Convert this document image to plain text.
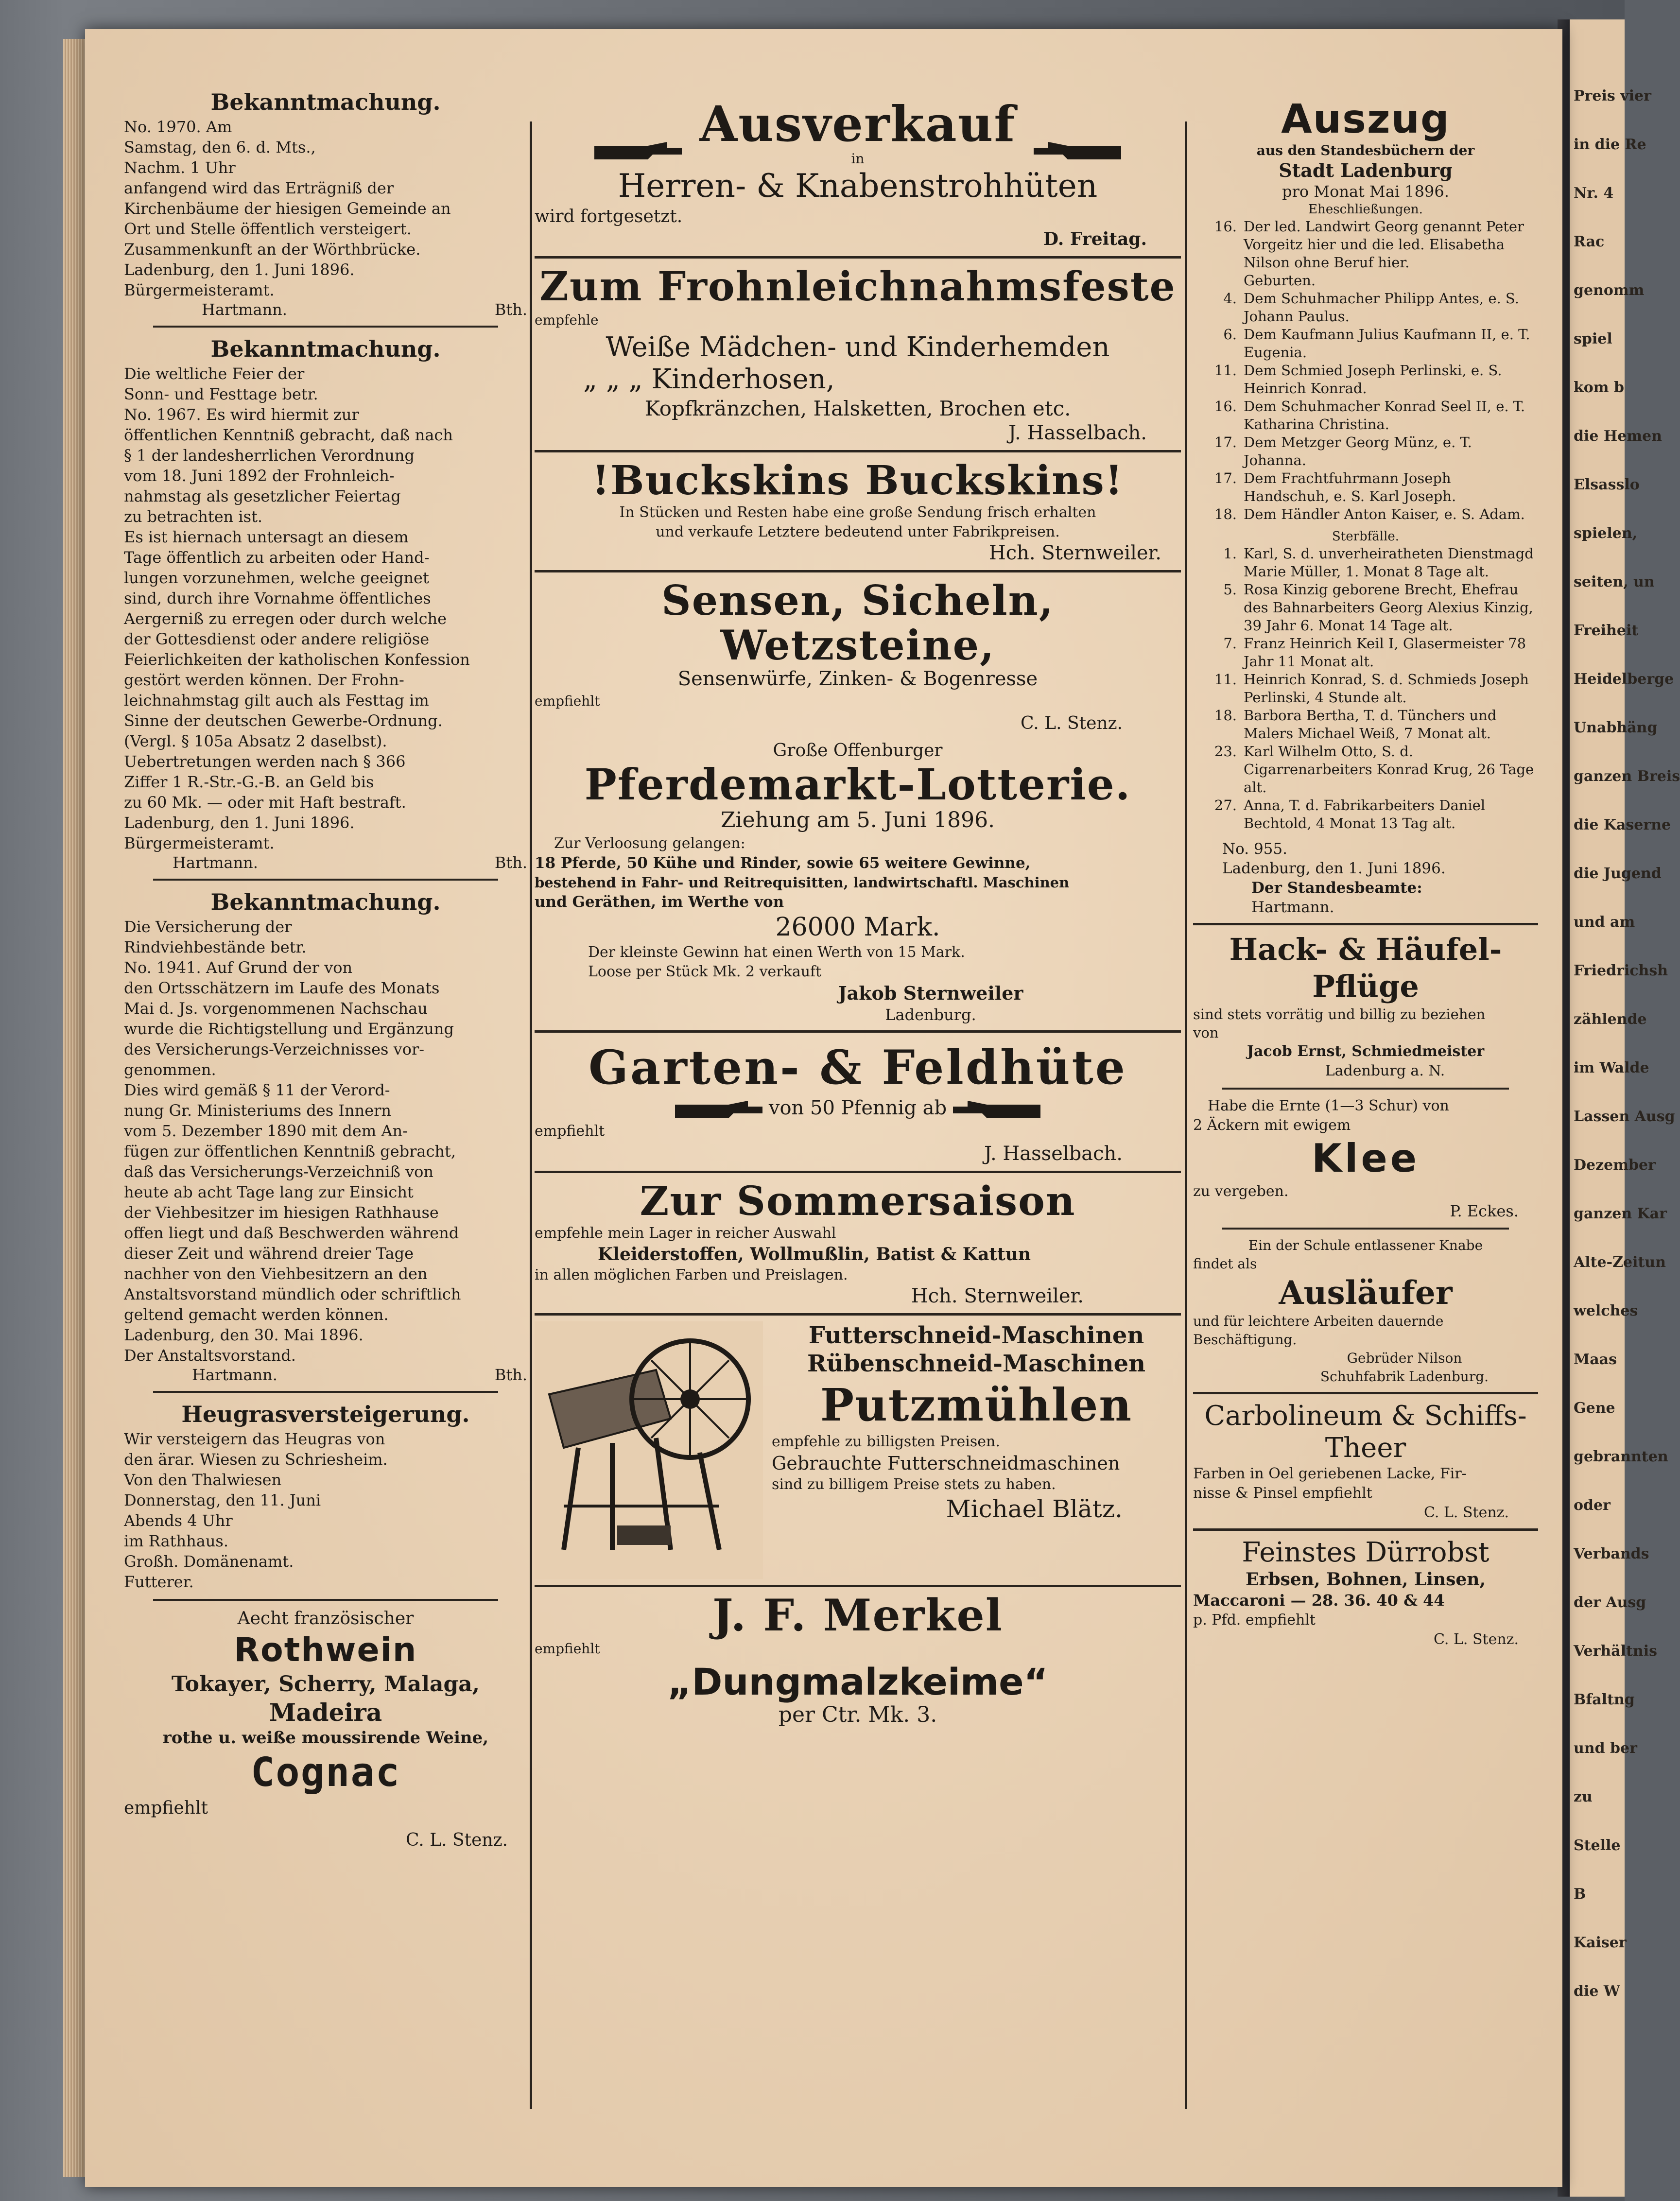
Preis vier
in die Re
Nr. 4
Rac
genomm
spiel
kom b
die Hemen
Elsasslo
spielen,
seiten, un
Freiheit
Heidelberge
Unabhäng
ganzen Breis
die Kaserne
die Jugend
und am
Friedrichsh
zählende
im Walde
Lassen Ausg
Dezember
ganzen Kar
Alte-Zeitun
welches
Maas
Gene
gebrannten
oder
Verbands
der Ausg
Verhältnis
Bfaltng
und ber
zu
Stelle
B
Kaiser
die W
Bekanntmachung.
No. 1970. Am
Samstag, den 6. d. Mts.,
Nachm. 1 Uhr
anfangend wird das Erträgniß der
Kirchenbäume der hiesigen Gemeinde an
Ort und Stelle öffentlich versteigert.
Zusammenkunft an der Wörthbrücke.
Ladenburg, den 1. Juni 1896.
Bürgermeisteramt.
Hartmann.	Bth.
Bekanntmachung.
Die weltliche Feier der
Sonn- und Festtage betr.
No. 1967. Es wird hiermit zur
öffentlichen Kenntniß gebracht, daß nach
§ 1 der landesherrlichen Verordnung
vom 18. Juni 1892 der Frohnleich-
nahmstag als gesetzlicher Feiertag
zu betrachten ist.
Es ist hiernach untersagt an diesem
Tage öffentlich zu arbeiten oder Hand-
lungen vorzunehmen, welche geeignet
sind, durch ihre Vornahme öffentliches
Aergerniß zu erregen oder durch welche
der Gottesdienst oder andere religiöse
Feierlichkeiten der katholischen Konfession
gestört werden können. Der Frohn-
leichnahmstag gilt auch als Festtag im
Sinne der deutschen Gewerbe-Ordnung.
(Vergl. § 105a Absatz 2 daselbst).
Uebertretungen werden nach § 366
Ziffer 1 R.-Str.-G.-B. an Geld bis
zu 60 Mk. — oder mit Haft bestraft.
Ladenburg, den 1. Juni 1896.
Bürgermeisteramt.
Hartmann.	Bth.
Bekanntmachung.
Die Versicherung der
Rindviehbestände betr.
No. 1941. Auf Grund der von
den Ortsschätzern im Laufe des Monats
Mai d. Js. vorgenommenen Nachschau
wurde die Richtigstellung und Ergänzung
des Versicherungs-Verzeichnisses vor-
genommen.
Dies wird gemäß § 11 der Verord-
nung Gr. Ministeriums des Innern
vom 5. Dezember 1890 mit dem An-
fügen zur öffentlichen Kenntniß gebracht,
daß das Versicherungs-Verzeichniß von
heute ab acht Tage lang zur Einsicht
der Viehbesitzer im hiesigen Rathhause
offen liegt und daß Beschwerden während
dieser Zeit und während dreier Tage
nachher von den Viehbesitzern an den
Anstaltsvorstand mündlich oder schriftlich
geltend gemacht werden können.
Ladenburg, den 30. Mai 1896.
Der Anstaltsvorstand.
Hartmann.	Bth.
Heugrasversteigerung.
Wir versteigern das Heugras von
den ärar. Wiesen zu Schriesheim.
Von den Thalwiesen
Donnerstag, den 11. Juni
Abends 4 Uhr
im Rathhaus.
Großh. Domänenamt.
Futterer.
Aecht französischer
Rothwein
Tokayer, Scherry, Malaga,
Madeira
rothe u. weiße moussirende Weine,
Cognac
empfiehlt
C. L. Stenz.
Ausverkauf
in
Herren- & Knabenstrohhüten
wird fortgesetzt.
D. Freitag.
Zum Frohnleichnahmsfeste
empfehle
Weiße Mädchen- und Kinderhemden
„ „ „ Kinderhosen,
Kopfkränzchen, Halsketten, Brochen etc.
J. Hasselbach.
!Buckskins Buckskins!
In Stücken und Resten habe eine große Sendung frisch erhalten
und verkaufe Letztere bedeutend unter Fabrikpreisen.
Hch. Sternweiler.
Sensen, Sicheln, Wetzsteine,
Sensenwürfe, Zinken- & Bogenresse
empfiehlt
C. L. Stenz.
Große Offenburger
Pferdemarkt-Lotterie.
Ziehung am 5. Juni 1896.
Zur Verloosung gelangen:
18 Pferde, 50 Kühe und Rinder, sowie 65 weitere Gewinne,
bestehend in Fahr- und Reitrequisitten, landwirtschaftl. Maschinen
und Geräthen, im Werthe von
26000 Mark.
Der kleinste Gewinn hat einen Werth von 15 Mark.
Loose per Stück Mk. 2 verkauft
Jakob Sternweiler
Ladenburg.
Garten- & Feldhüte
von 50 Pfennig ab
empfiehlt
J. Hasselbach.
Zur Sommersaison
empfehle mein Lager in reicher Auswahl
Kleiderstoffen, Wollmußlin, Batist & Kattun
in allen möglichen Farben und Preislagen.
Hch. Sternweiler.
Futterschneid-Maschinen
Rübenschneid-Maschinen
Putzmühlen
empfehle zu billigsten Preisen.
Gebrauchte Futterschneidmaschinen
sind zu billigem Preise stets zu haben.
Michael Blätz.
J. F. Merkel
empfiehlt
„Dungmalzkeime“
per Ctr. Mk. 3.
Auszug
aus den Standesbüchern der
Stadt Ladenburg
pro Monat Mai 1896.
Eheschließungen.
16. Der led. Landwirt Georg genannt Peter Vorgeitz hier und die led. Elisabetha Nilson ohne Beruf hier.
Geburten.
4. Dem Schuhmacher Philipp Antes, e. S. Johann Paulus.
6. Dem Kaufmann Julius Kaufmann II, e. T. Eugenia.
11. Dem Schmied Joseph Perlinski, e. S. Heinrich Konrad.
16. Dem Schuhmacher Konrad Seel II, e. T. Katharina Christina.
17. Dem Metzger Georg Münz, e. T. Johanna.
17. Dem Frachtfuhrmann Joseph Handschuh, e. S. Karl Joseph.
18. Dem Händler Anton Kaiser, e. S. Adam.
Sterbfälle.
1. Karl, S. d. unverheiratheten Dienstmagd Marie Müller, 1. Monat 8 Tage alt.
5. Rosa Kinzig geborene Brecht, Ehefrau des Bahnarbeiters Georg Alexius Kinzig, 39 Jahr 6. Monat 14 Tage alt.
7. Franz Heinrich Keil I, Glasermeister 78 Jahr 11 Monat alt.
11. Heinrich Konrad, S. d. Schmieds Joseph Perlinski, 4 Stunde alt.
18. Barbora Bertha, T. d. Tünchers und Malers Michael Weiß, 7 Monat alt.
23. Karl Wilhelm Otto, S. d. Cigarrenarbeiters Konrad Krug, 26 Tage alt.
27. Anna, T. d. Fabrikarbeiters Daniel Bechtold, 4 Monat 13 Tag alt.
No. 955.
Ladenburg, den 1. Juni 1896.
Der Standesbeamte:
Hartmann.
Hack- & Häufel-
Pflüge
sind stets vorrätig und billig zu beziehen
von
Jacob Ernst, Schmiedmeister
Ladenburg a. N.
Habe die Ernte (1—3 Schur) von
2 Äckern mit ewigem
Klee
zu vergeben.
P. Eckes.
Ein der Schule entlassener Knabe
findet als
Ausläufer
und für leichtere Arbeiten dauernde
Beschäftigung.
Gebrüder Nilson
Schuhfabrik Ladenburg.
Carbolineum & Schiffs-
Theer
Farben in Oel geriebenen Lacke, Fir-
nisse & Pinsel empfiehlt
C. L. Stenz.
Feinstes Dürrobst
Erbsen, Bohnen, Linsen,
Maccaroni — 28. 36. 40 & 44
p. Pfd. empfiehlt
C. L. Stenz.
